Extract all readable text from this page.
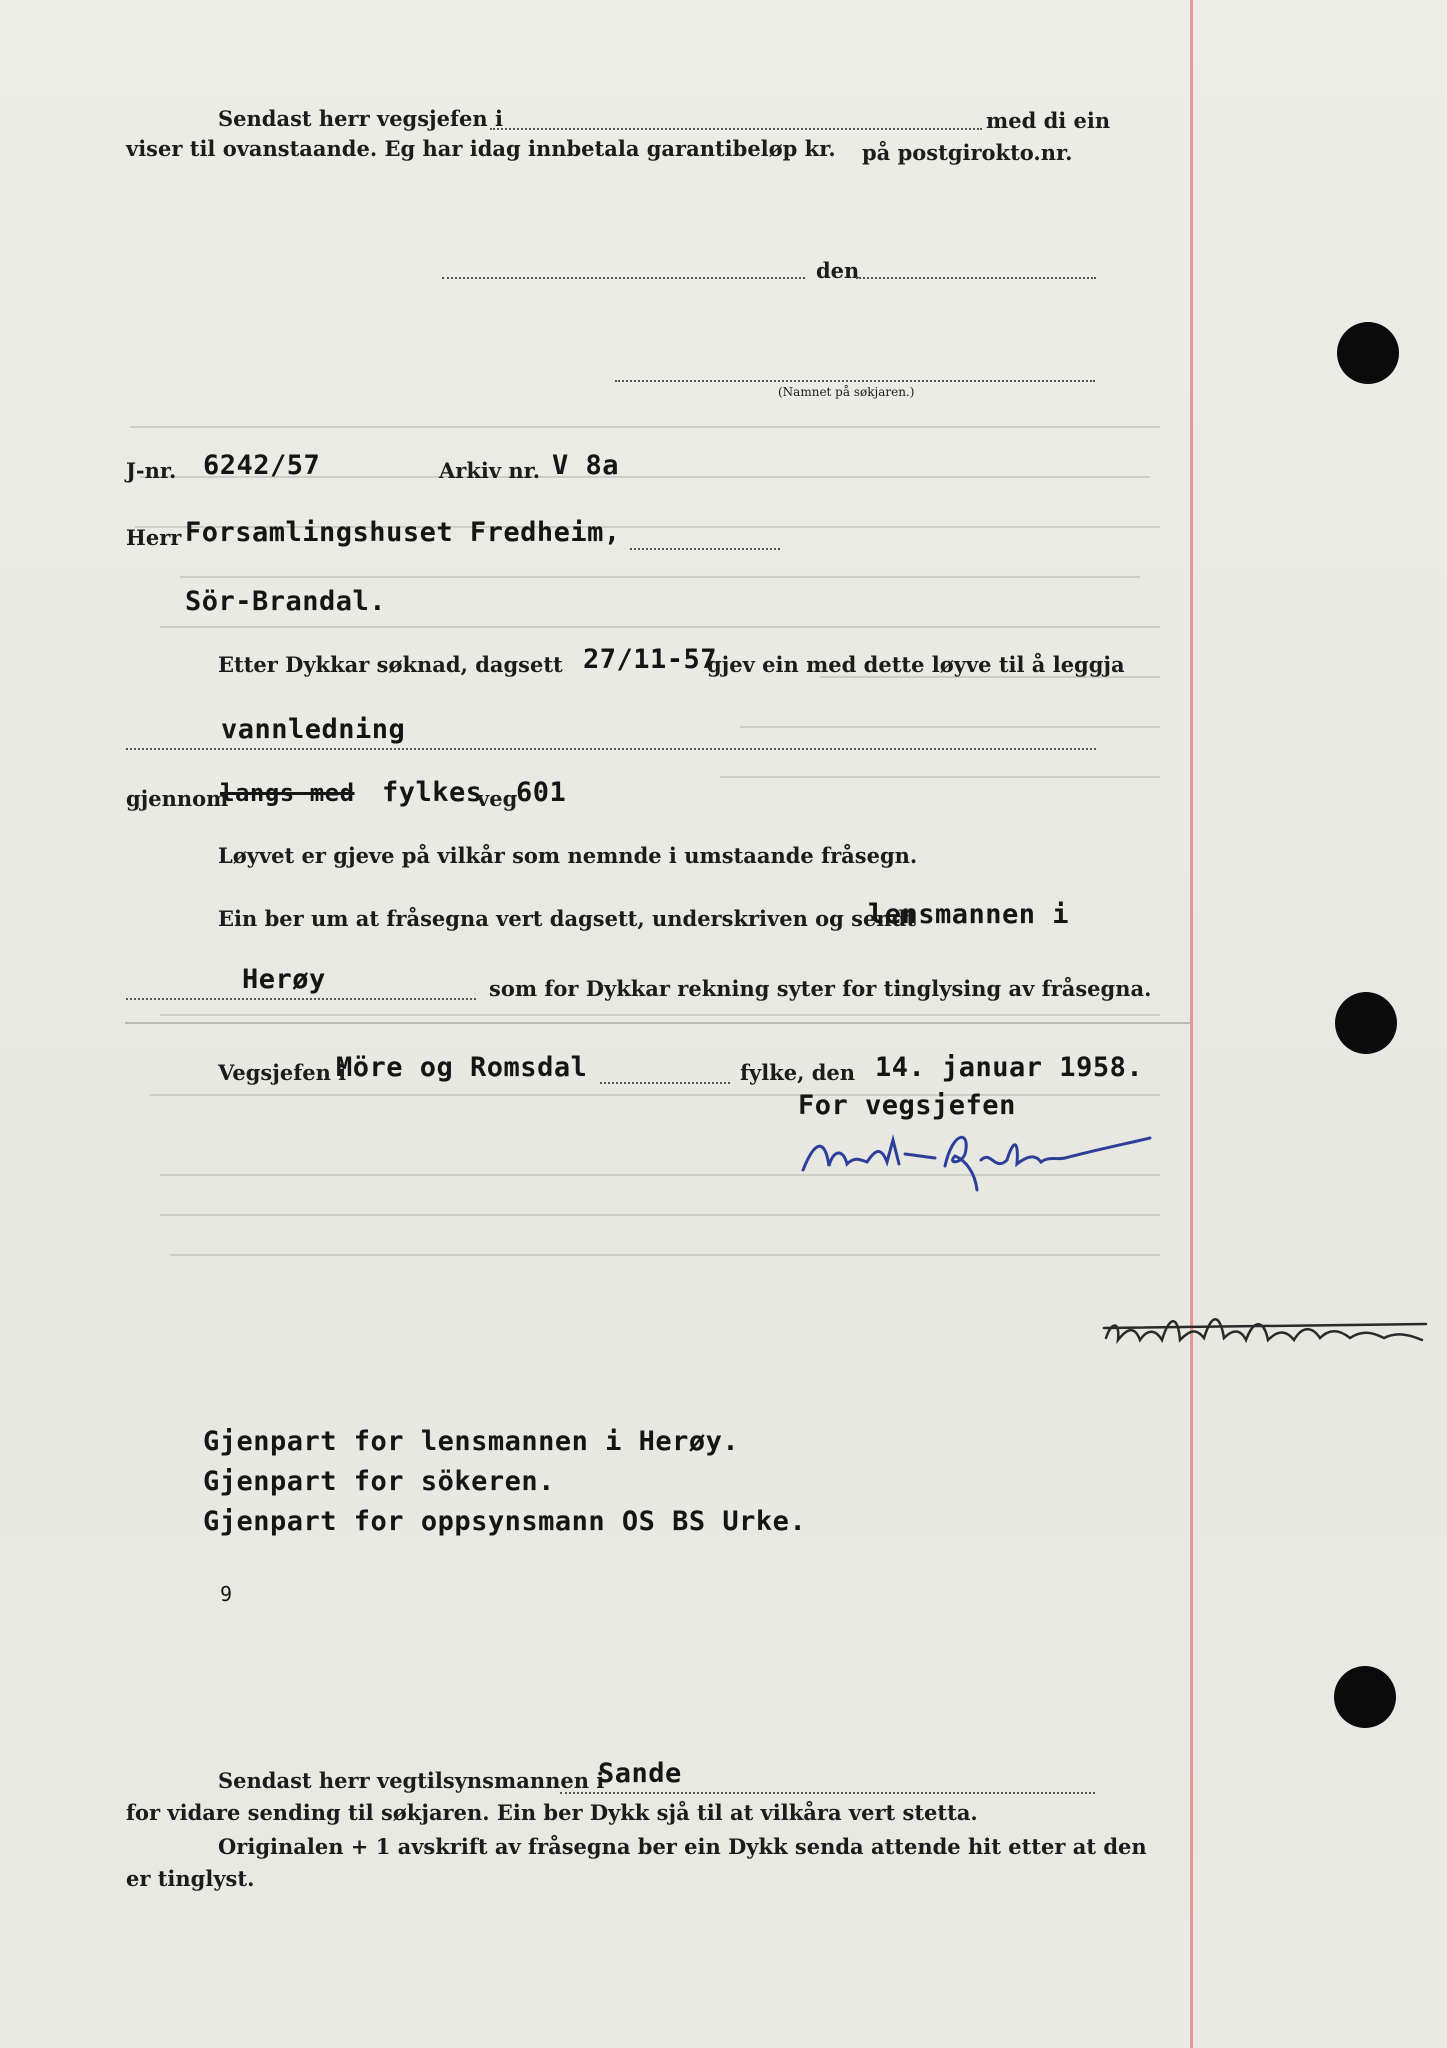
Sendast herr vegsjefen i	med di ein
viser til ovanstaande. Eg har idag innbetala garantibeløp kr. på postgirokto.nr.
den
(Namnet på søkjaren.)
J-nr. 6242/57	Arkiv nr. V 8a
Herr Forsamlingshuset Fredheim,
Sör-Brandal.
Etter Dykkar søknad, dagsett 27/11-57
gjev ein med dette løyve til å leggja
vannledning
gjennom
langs med fylkes
veg
601
Løyvet er gjeve på vilkår som nemnde i umstaande fråsegn.
Ein ber um at fråsegna vert dagsett, underskriven og sendt
lensmannen i
Herøy	som for Dykkar rekning syter for tinglysing av fråsegna.
Vegsjefen i
Möre og Romsdal	fylke, den 14. januar 1958.
For vegsjefen
Gjenpart for lensmannen i Herøy.
Gjenpart for sökeren.
Gjenpart for oppsynsmann OS BS Urke.
9
Sendast herr vegtilsynsmannen i
Sande
for vidare sending til søkjaren. Ein ber Dykk sjå til at vilkåra vert stetta.
Originalen + 1 avskrift av fråsegna ber ein Dykk senda attende hit etter at den
er tinglyst.
